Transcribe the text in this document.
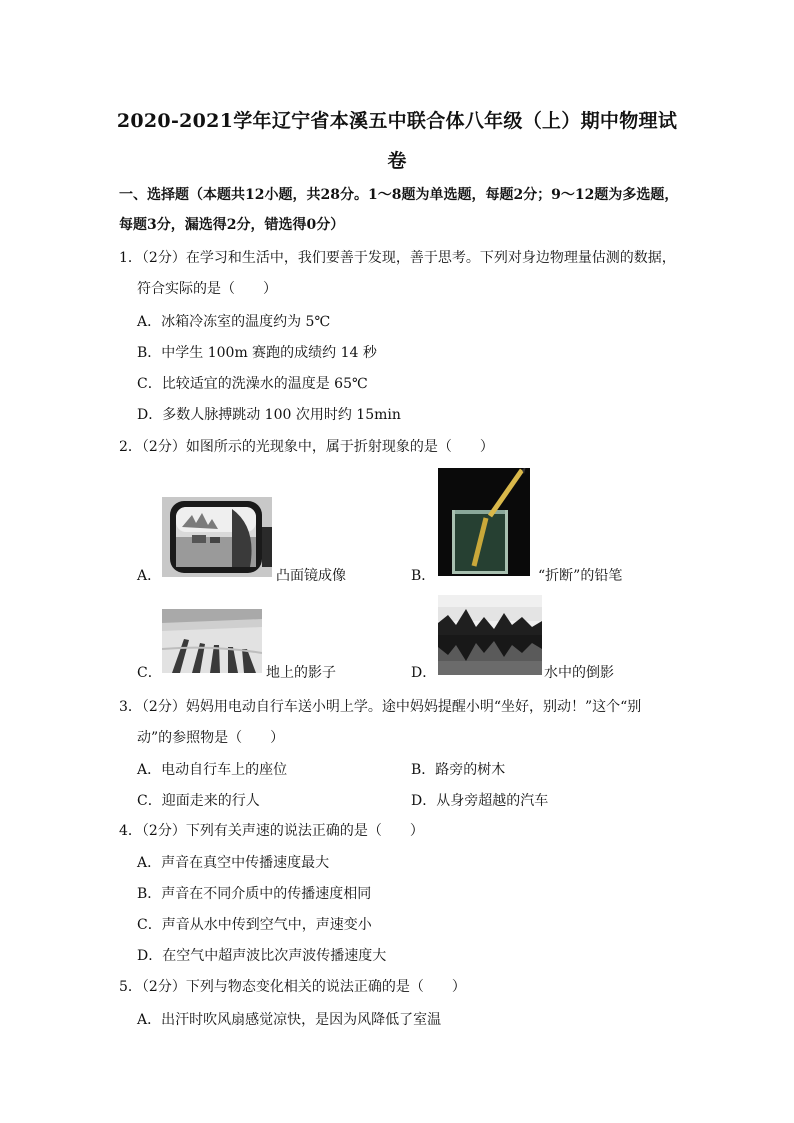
2020-2021学年辽宁省本溪五中联合体八年级（上）期中物理试
卷
一、选择题（本题共12小题，共28分。1～8题为单选题，每题2分；9～12题为多选题，
每题3分，漏选得2分，错选得0分）
1．（2分）在学习和生活中，我们要善于发现，善于思考。下列对身边物理量估测的数据，
符合实际的是（　　）
A．冰箱冷冻室的温度约为 5℃
B．中学生 100m 赛跑的成绩约 14 秒
C．比较适宜的洗澡水的温度是 65℃
D．多数人脉搏跳动 100 次用时约 15min
2．（2分）如图所示的光现象中，属于折射现象的是（　　）
A．	凸面镜成像	B．	“折断”的铅笔
C．	地上的影子	D．	水中的倒影
3．（2分）妈妈用电动自行车送小明上学。途中妈妈提醒小明“坐好，别动！”这个“别
动”的参照物是（　　）
A．电动自行车上的座位	B．路旁的树木
C．迎面走来的行人	D．从身旁超越的汽车
4．（2分）下列有关声速的说法正确的是（　　）
A．声音在真空中传播速度最大
B．声音在不同介质中的传播速度相同
C．声音从水中传到空气中，声速变小
D．在空气中超声波比次声波传播速度大
5．（2分）下列与物态变化相关的说法正确的是（　　）
A．出汗时吹风扇感觉凉快，是因为风降低了室温
